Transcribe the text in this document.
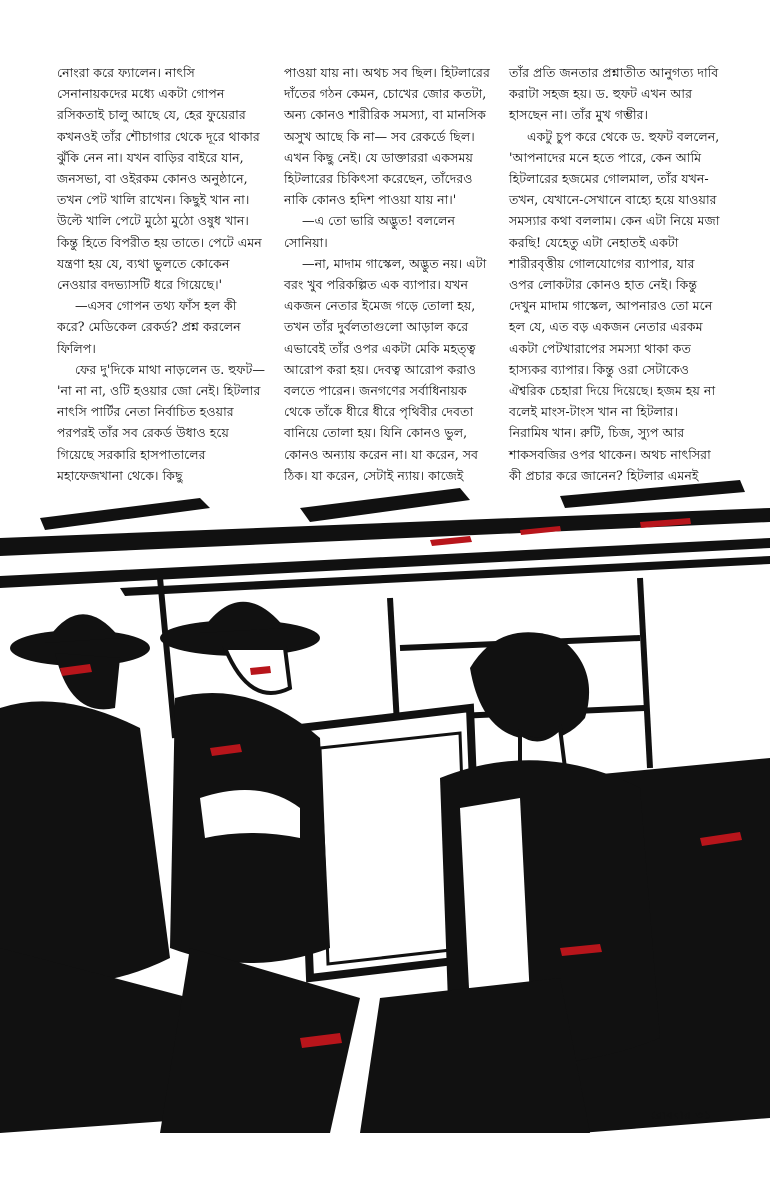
নোংরা করে ফ্যালেন। নাৎসি সেনানায়কদের মধ্যে একটা গোপন রসিকতাই চালু আছে যে, হের ফুয়েরার কখনওই তাঁর শৌচাগার থেকে দূরে থাকার ঝুঁকি নেন না। যখন বাড়ির বাইরে যান, জনসভা, বা ওইরকম কোনও অনুষ্ঠানে, তখন পেট খালি রাখেন। কিছুই খান না। উল্টে খালি পেটে মুঠো মুঠো ওষুধ খান। কিন্তু হিতে বিপরীত হয় তাতে। পেটে এমন যন্ত্রণা হয় যে, ব্যথা ভুলতে কোকেন নেওয়ার বদভ্যাসটি ধরে গিয়েছে।'

—এসব গোপন তথ্য ফাঁস হল কী করে? মেডিকেল রেকর্ড? প্রশ্ন করলেন ফিলিপ।

ফের দু'দিকে মাথা নাড়লেন ড. হুফট— 'না না না, ওটি হওয়ার জো নেই। হিটলার নাৎসি পার্টির নেতা নির্বাচিত হওয়ার পরপরই তাঁর সব রেকর্ড উধাও হয়ে গিয়েছে সরকারি হাসপাতালের মহাফেজখানা থেকে। কিছু

পাওয়া যায় না। অথচ সব ছিল। হিটলারের দাঁতের গঠন কেমন, চোখের জোর কতটা, অন্য কোনও শারীরিক সমস্যা, বা মানসিক অসুখ আছে কি না— সব রেকর্ডে ছিল। এখন কিছু নেই। যে ডাক্তাররা একসময় হিটলারের চিকিৎসা করেছেন, তাঁদেরও নাকি কোনও হদিশ পাওয়া যায় না।'

—এ তো ভারি অদ্ভুত! বললেন সোনিয়া।

—না, মাদাম গাস্কেল, অদ্ভুত নয়। এটা বরং খুব পরিকল্পিত এক ব্যাপার। যখন একজন নেতার ইমেজ গড়ে তোলা হয়, তখন তাঁর দুর্বলতাগুলো আড়াল করে এভাবেই তাঁর ওপর একটা মেকি মহত্ত্ব আরোপ করা হয়। দেবত্ব আরোপ করাও বলতে পারেন। জনগণের সর্বাধিনায়ক থেকে তাঁকে ধীরে ধীরে পৃথিবীর দেবতা বানিয়ে তোলা হয়। যিনি কোনও ভুল, কোনও অন্যায় করেন না। যা করেন, সব ঠিক। যা করেন, সেটাই ন্যায়। কাজেই

তাঁর প্রতি জনতার প্রশ্নাতীত আনুগত্য দাবি করাটা সহজ হয়। ড. হুফট এখন আর হাসছেন না। তাঁর মুখ গম্ভীর।

একটু চুপ করে থেকে ড. হুফট বললেন, 'আপনাদের মনে হতে পারে, কেন আমি হিটলারের হজমের গোলমাল, তাঁর যখন-তখন, যেখানে-সেখানে বাহ্যে হয়ে যাওয়ার সমস্যার কথা বললাম। কেন এটা নিয়ে মজা করছি! যেহেতু এটা নেহাতই একটা শারীরবৃত্তীয় গোলযোগের ব্যাপার, যার ওপর লোকটার কোনও হাত নেই। কিন্তু দেখুন মাদাম গাস্কেল, আপনারও তো মনে হল যে, এত বড় একজন নেতার এরকম একটা পেটখারাপের সমস্যা থাকা কত হাস্যকর ব্যাপার। কিন্তু ওরা সেটাকেও ঐশ্বরিক চেহারা দিয়ে দিয়েছে। হজম হয় না বলেই মাংস-টাংস খান না হিটলার। নিরামিষ খান। রুটি, চিজ, স্যুপ আর শাকসবজির ওপর থাকেন। অথচ নাৎসিরা কী প্রচার করে জানেন? হিটলার এমনই

রোববার ৩১
